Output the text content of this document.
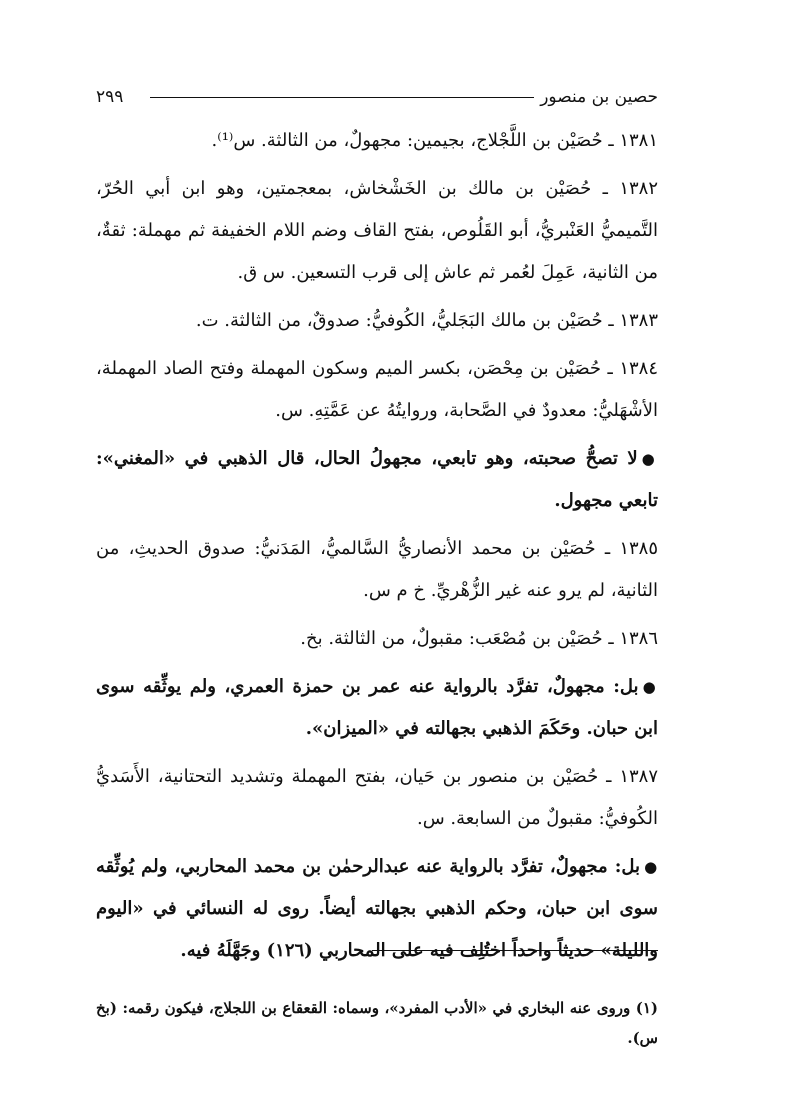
٢٩٩	حصين بن منصور

١٣٨١ ـ حُصَيْن بن اللَّجْلاج، بجيمين: مجهولٌ، من الثالثة. س⁽¹⁾.

١٣٨٢ ـ حُصَيْن بن مالك بن الخَشْخاش، بمعجمتين، وهو ابن أبي الحُرّ، التَّميميُّ العَنْبريُّ، أبو القَلُوص، بفتح القاف وضم اللام الخفيفة ثم مهملة: ثقةٌ، من الثانية، عَمِلَ لعُمر ثم عاش إلى قرب التسعين. س ق.

١٣٨٣ ـ حُصَيْن بن مالك البَجَليُّ، الكُوفيُّ: صدوقٌ، من الثالثة. ت.

١٣٨٤ ـ حُصَيْن بن مِحْصَن، بكسر الميم وسكون المهملة وفتح الصاد المهملة، الأشْهَليُّ: معدودٌ في الصَّحابة، وروايتُهُ عن عَمَّتِهِ. س.

●لا تصحُّ صحبته، وهو تابعي، مجهولُ الحال، قال الذهبي في «المغني»: تابعي مجهول.

١٣٨٥ ـ حُصَيْن بن محمد الأنصاريُّ السَّالميُّ، المَدَنيُّ: صدوق الحديثِ، من الثانية، لم يرو عنه غير الزُّهْريِّ. خ م س.

١٣٨٦ ـ حُصَيْن بن مُصْعَب: مقبولٌ، من الثالثة. بخ.

●بل: مجهولٌ، تفرَّد بالرواية عنه عمر بن حمزة العمري، ولم يوثِّقه سوى ابن حبان. وحَكَمَ الذهبي بجهالته في «الميزان».

١٣٨٧ ـ حُصَيْن بن منصور بن حَيان، بفتح المهملة وتشديد التحتانية، الأَسَديُّ الكُوفيُّ: مقبولٌ من السابعة. س.

●بل: مجهولٌ، تفرَّد بالرواية عنه عبدالرحمٰن بن محمد المحاربي، ولم يُوثِّقه سوى ابن حبان، وحكم الذهبي بجهالته أيضاً. روى له النسائي في «اليوم والليلة» حديثاً واحداً اختُلِف فيه على المحاربي (١٢٦) وجَهَّلَهُ فيه.

(١) وروى عنه البخاري في «الأدب المفرد»، وسماه: القعقاع بن اللجلاج، فيكون رقمه: (بخ س).
